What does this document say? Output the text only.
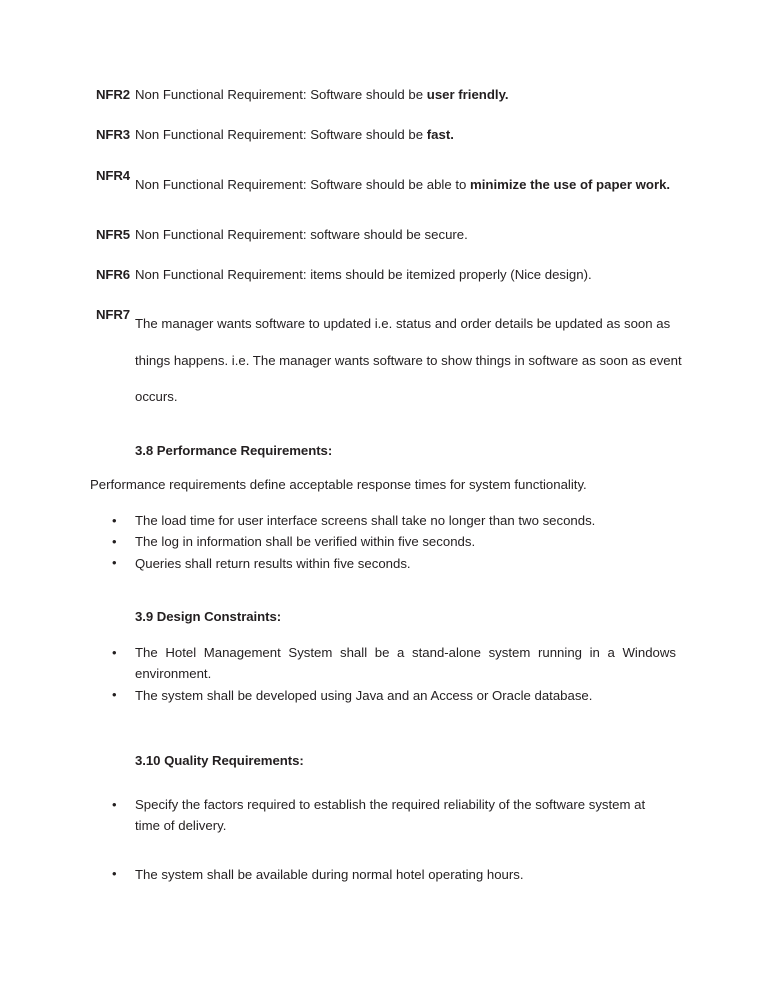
NFR2 Non Functional Requirement: Software should be user friendly.
NFR3 Non Functional Requirement: Software should be fast.
NFR4
Non Functional Requirement: Software should be able to minimize the use of paper work.
NFR5 Non Functional Requirement: software should be secure.
NFR6 Non Functional Requirement: items should be itemized properly (Nice design).
NFR7
The manager wants software to updated i.e. status and order details be updated as soon as things happens. i.e. The manager wants software to show things in software as soon as event occurs.
3.8 Performance Requirements:
Performance requirements define acceptable response times for system functionality.
• The load time for user interface screens shall take no longer than two seconds.
• The log in information shall be verified within five seconds.
• Queries shall return results within five seconds.
3.9 Design Constraints:
• The Hotel Management System shall be a stand-alone system running in a Windows environment.
• The system shall be developed using Java and an Access or Oracle database.
3.10 Quality Requirements:
• Specify the factors required to establish the required reliability of the software system at time of delivery.
• The system shall be available during normal hotel operating hours.
